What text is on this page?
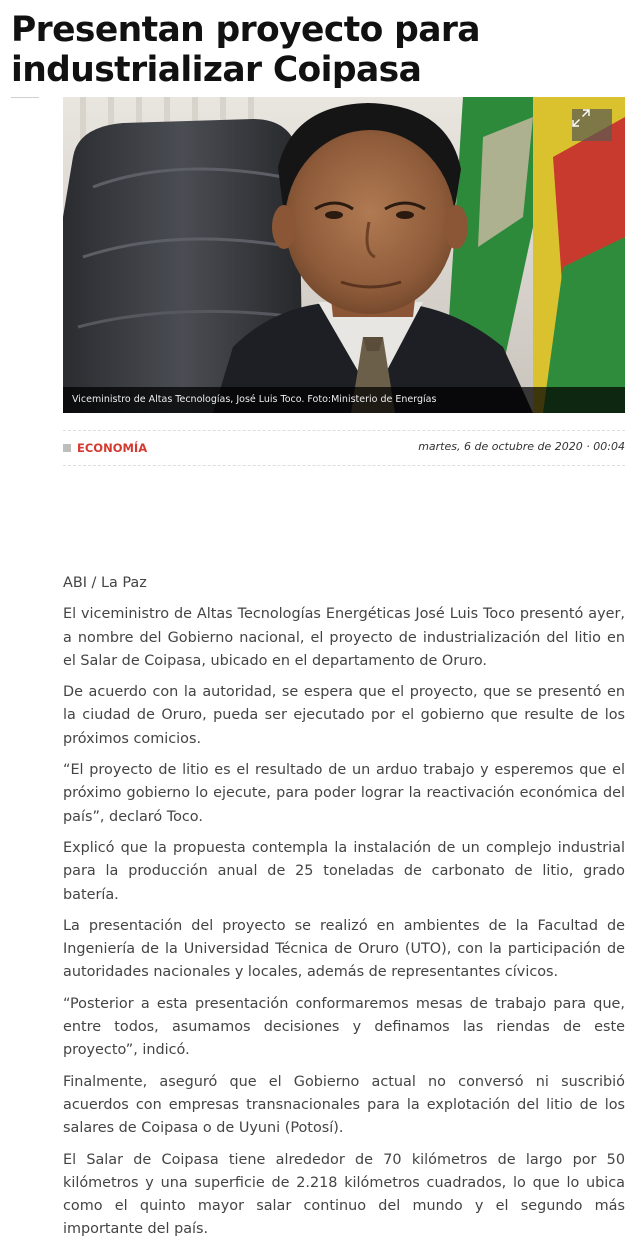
Presentan proyecto para industrializar Coipasa
Viceministro de Altas Tecnologías, José Luis Toco. Foto:Ministerio de Energías
ECONOMÍA	martes, 6 de octubre de 2020 · 00:04

ABI / La Paz

El viceministro de Altas Tecnologías Energéticas José Luis Toco presentó ayer, a nombre del Gobierno nacional, el proyecto de industrialización del litio en el Salar de Coipasa, ubicado en el departamento de Oruro.

De acuerdo con la autoridad, se espera que el proyecto, que se presentó en la ciudad de Oruro, pueda ser ejecutado por el gobierno que resulte de los próximos comicios.

“El proyecto de litio es el resultado de un arduo trabajo y esperemos que el próximo gobierno lo ejecute, para poder lograr la reactivación económica del país”, declaró Toco.

Explicó que la propuesta contempla la instalación de un complejo industrial para la producción anual de 25 toneladas de carbonato de litio, grado batería.

La presentación del proyecto se realizó en ambientes de la Facultad de Ingeniería de la Universidad Técnica de Oruro (UTO), con la participación de autoridades nacionales y locales, además de representantes cívicos.

“Posterior a esta presentación conformaremos mesas de trabajo para que, entre todos, asumamos decisiones y definamos las riendas de este proyecto”, indicó.

Finalmente, aseguró que el Gobierno actual no conversó ni suscribió acuerdos con empresas transnacionales para la explotación del litio de los salares de Coipasa o de Uyuni (Potosí).

El Salar de Coipasa tiene alrededor de 70 kilómetros de largo por 50 kilómetros y una superficie de 2.218 kilómetros cuadrados, lo que lo ubica como el quinto mayor salar continuo del mundo y el segundo más importante del país.
